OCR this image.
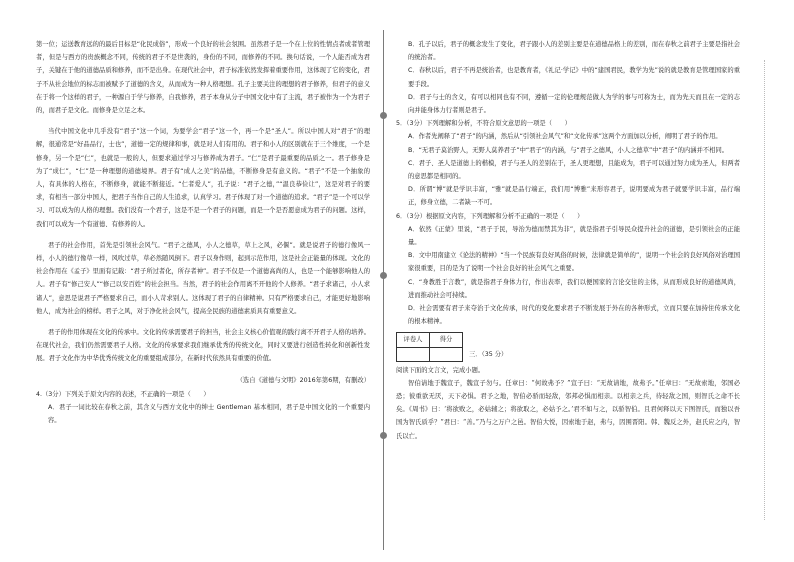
第一位；运送教育远的的最后目标是“化民成俗”，形成一个良好的社会氛围。虽然君子是一个在上位的性情点者或者管理者，但是与西方的贵族概念不同，传统的君子不是世袭的，身份的不同，而修养的不同。换句话说，一个人能否成为君子，关键在于他的道德品质和修养，而不是出身。在现代社会中，君子标准依然发挥着重要作用，这体现了它的变化，君子不从社会地位的标志而被赋予了道德的含义，从而成为一种人格理想。孔子主要关注的理想的君子修养，但君子的意义在于将一个这样的君子，一种源自于学与修养，自我修养，君子本身从分子中国文化中有了主流，君子被作为一个为君子的，而君子是文化。而修身是立足之本。

当代中国文化中几乎没有“君子”这一个词，为要学会“君子”这一个，再一个是“圣人”。所以中国人对“君子”的理解，很通常是“好品品行，士也”，道德一定的规律和事，就是对人们有用的。君子和小人的区别就在于三个维度，一个是修身，另一个是“仁”，也就是一般的人，但要求通过学习与修养成为君子。“仁”是君子最重要的品质之一。君子修身是为了“成仁”，“仁”是一种理想的道德境界。君子有“成人之美”的品德，不断修身是有意义的。“君子”不是一个抽象的人，有具体的人格在，不断修身，就能不断接近。“仁者爱人”，孔子说：“君子之德，”“温良恭俭让”，这是对君子的要求，有相当一部分中国人，把君子当作自己的人生追求，认真学习。君子体现了对一个道德的追求。“君子”是一个可以学习、可以成为的人格的理想。我们没有一个君子，这是不是一个君子的问题，而是一个是否愿意成为君子的问题。这样，我们可以成为一个有道德、有修养的人。

君子的社会作用，首先是引领社会风气。“君子之德风，小人之德草，草上之风，必偃”。就是说君子的德行像风一样，小人的德行像草一样，风吹过草，草必然随风倒下。君子以身作则，起到示范作用，这是社会正能量的体现。文化的社会作用在《孟子》里面有记载：“君子所过者化，所存者神”。君子不仅是一个道德高尚的人，也是一个能够影响他人的人。君子有“修己安人”“修己以安百姓”的社会担当。当然，君子的社会作用离不开他的个人修养。“君子求诸己，小人求诸人”，意思是说君子严格要求自己，而小人苛求别人。这体现了君子的自律精神。只有严格要求自己，才能更好地影响他人，成为社会的榜样。君子之风，对于净化社会风气，提高全民族的道德素质具有重要意义。

君子的作用体现在文化的传承中。文化的传承需要君子的担当，社会主义核心价值观的践行离不开君子人格的培养。在现代社会，我们仍然需要君子人格。文化的传承要求我们继承优秀的传统文化，同时又要进行创造性转化和创新性发展。君子文化作为中华优秀传统文化的重要组成部分，在新时代依然具有重要的价值。

（选自《道德与文明》2016年第6期，有删改）

4.（3分）下列关于原文内容的表述，不正确的一项是（　　）

A．君子一词比较在春秋之前，其含义与西方文化中的绅士 Gentleman 基本相同，君子是中国文化的一个重要内容。

B．孔子以后，君子的概念发生了变化，君子跟小人的差别主要是在道德品格上的差别，而在春秋之前君子主要是指社会的统治者。

C．春秋以后，君子不再是统治者，也是教育者，《礼记·学记》中的“建国君民，教学为先”说的就是教育是管理国家的重要手段。

D．君子与士的含义，有可以相同也有不同，遵循一定的伦理规范做人为学的事与可称为士，而为先天而且在一定的志向并能身体力行者则是君子。

5．（3分）下列理解和分析，不符合原文意思的一项是（　　）

A．作者先阐释了“君子”的内涵，然后从“引领社会风气”和“文化传承”这两个方面加以分析，阐明了君子的作用。

B．“无君子莫治野人，无野人莫养君子”中“君子”的内涵，与“君子之德风，小人之德草”中“君子”的内涵并不相同。

C．君子、圣人是道德上的楷模，君子与圣人的差别在于，圣人更理想，且能成为，君子可以通过努力成为圣人，但两者的意思都是相同的。

D．所谓“博”就是学识丰富，“雅”就是品行端正，我们用“博雅”来形容君子，说明要成为君子就要学识丰富，品行端正，修身立德，二者缺一不可。

6．（3分）根据原文内容，下列理解和分析不正确的一项是（　　）

A．依然《正蒙》里说，“君子于民，导治为德而禁其为非”，就是指君子引导民众提升社会的道德，是引领社会的正能量。

B．文中用南建立《论法的精神》“当一个民族有良好风俗的时候，法律就是简单的”，说明一个社会的良好风俗对治理国家很重要，目的是为了说明一个社会良好的社会风气之重要。

C．“身教胜于言教”，就是指君子身体力行，作出表率，我们以便国家的言论交往的主体，从而形成良好的道德风尚，进而推动社会可持续。

D．社会需要有君子来夺治于文化传承，时代的变化要求君子不断发展于外在的各种形式，立而只要在加持住传承文化的根本精神。

评卷人	得分

三．（35 分）

阅读下面的文言文，完成小题。

智伯请地于魏宣子，魏宣子勿与。任章曰：“何故弗予？”宣子曰：“无故请地，故弗予。”任章曰：“无故索地，邻国必恐；彼重欲无厌，天下必惧。君予之地，智伯必骄而轻敌，邻邦必惧而相亲。以相亲之兵，待轻敌之国，则智氏之命不长矣。《周书》曰：‘将欲败之，必姑辅之；将欲取之，必姑予之。’君不如与之，以骄智伯。且君何释以天下图智氏，而独以吾国为智氏质乎？”君曰：“善。”乃与之万户之邑。智伯大悦，因索地于赵，弗与，因围晋阳。韩、魏反之外，赵氏应之内，智氏以亡。
